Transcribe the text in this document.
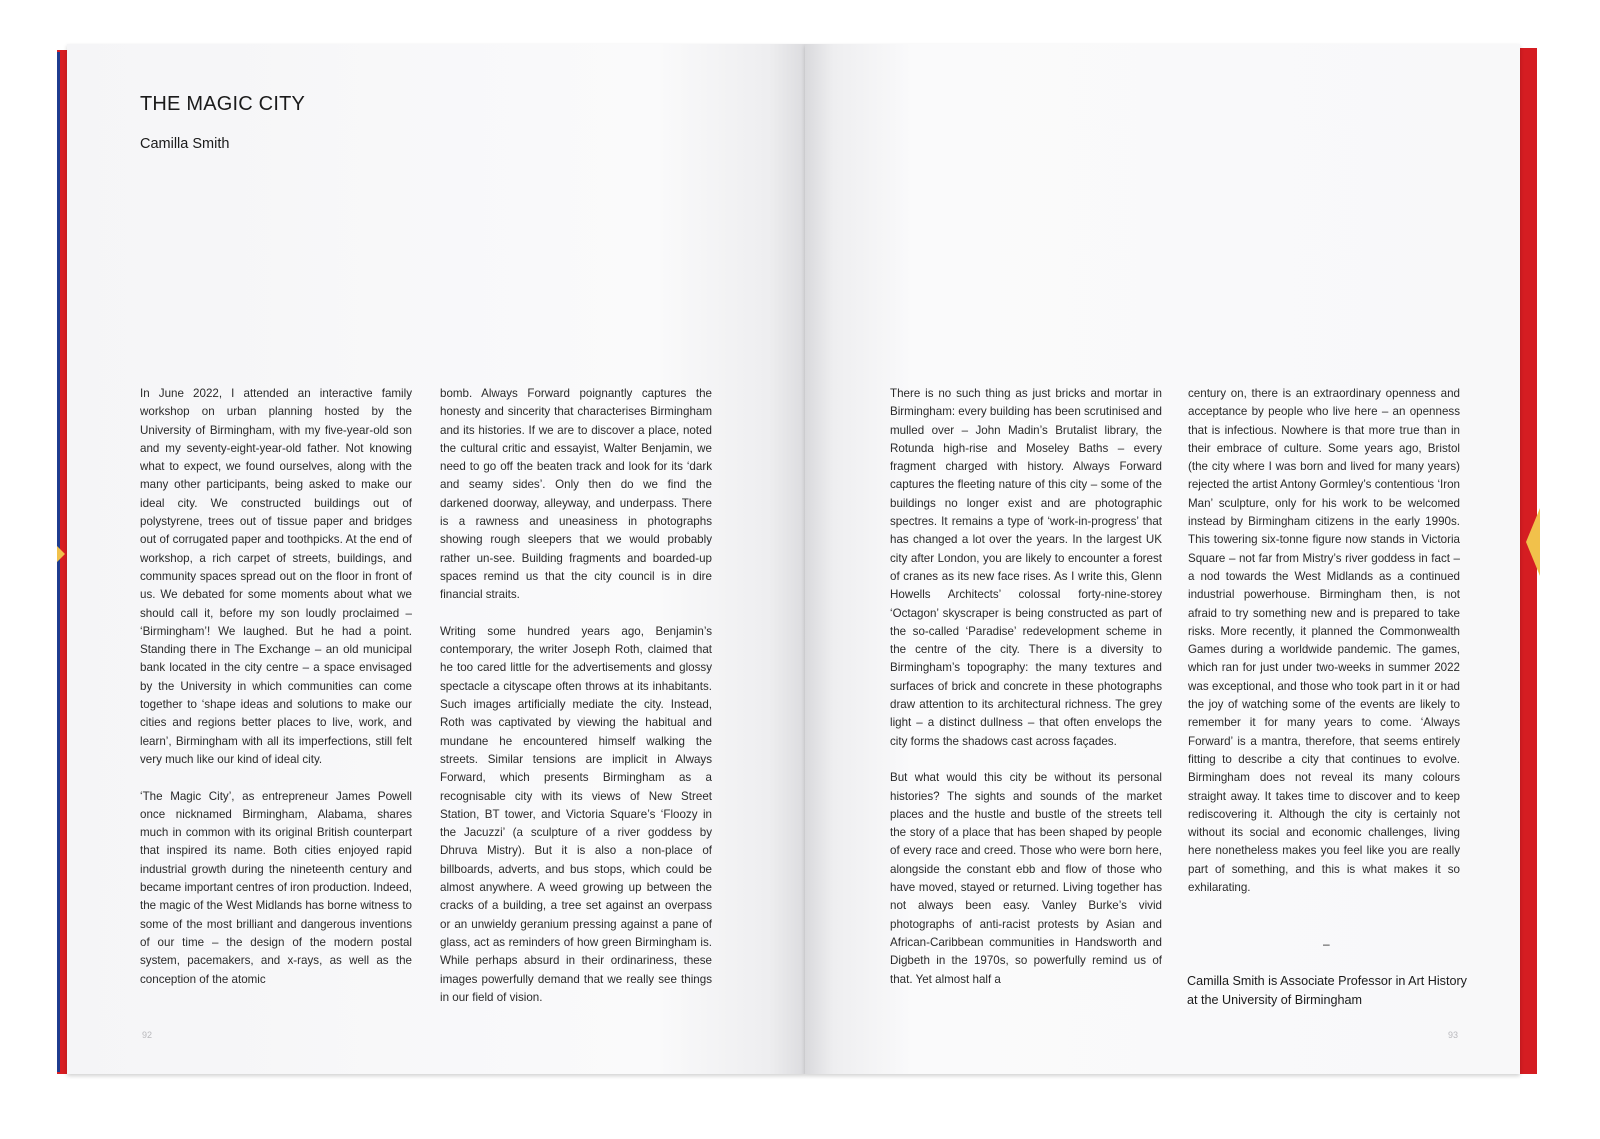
THE MAGIC CITY
Camilla Smith

In June 2022, I attended an interactive family workshop on urban planning hosted by the University of Birmingham, with my five-year-old son and my seventy-eight-year-old father. Not knowing what to expect, we found ourselves, along with the many other participants, being asked to make our ideal city. We constructed buildings out of polystyrene, trees out of tissue paper and bridges out of corrugated paper and toothpicks. At the end of workshop, a rich carpet of streets, buildings, and community spaces spread out on the floor in front of us. We debated for some moments about what we should call it, before my son loudly proclaimed – ‘Birmingham’! We laughed. But he had a point. Standing there in The Exchange – an old municipal bank located in the city centre – a space envisaged by the University in which communities can come together to ‘shape ideas and solutions to make our cities and regions better places to live, work, and learn’, Birmingham with all its imperfections, still felt very much like our kind of ideal city.

‘The Magic City’, as entrepreneur James Powell once nicknamed Birmingham, Alabama, shares much in common with its original British counterpart that inspired its name. Both cities enjoyed rapid industrial growth during the nineteenth century and became important centres of iron production. Indeed, the magic of the West Midlands has borne witness to some of the most brilliant and dangerous inventions of our time – the design of the modern postal system, pacemakers, and x-rays, as well as the conception of the atomic

bomb. Always Forward poignantly captures the honesty and sincerity that characterises Birmingham and its histories. If we are to discover a place, noted the cultural critic and essayist, Walter Benjamin, we need to go off the beaten track and look for its ‘dark and seamy sides’. Only then do we find the darkened doorway, alleyway, and underpass. There is a rawness and uneasiness in photographs showing rough sleepers that we would probably rather un-see. Building fragments and boarded-up spaces remind us that the city council is in dire financial straits.

Writing some hundred years ago, Benjamin’s contemporary, the writer Joseph Roth, claimed that he too cared little for the advertisements and glossy spectacle a cityscape often throws at its inhabitants. Such images artificially mediate the city. Instead, Roth was captivated by viewing the habitual and mundane he encountered himself walking the streets. Similar tensions are implicit in Always Forward, which presents Birmingham as a recognisable city with its views of New Street Station, BT tower, and Victoria Square’s ‘Floozy in the Jacuzzi’ (a sculpture of a river goddess by Dhruva Mistry). But it is also a non-place of billboards, adverts, and bus stops, which could be almost anywhere. A weed growing up between the cracks of a building, a tree set against an overpass or an unwieldy geranium pressing against a pane of glass, act as reminders of how green Birmingham is. While perhaps absurd in their ordinariness, these images powerfully demand that we really see things in our field of vision.

There is no such thing as just bricks and mortar in Birmingham: every building has been scrutinised and mulled over – John Madin’s Brutalist library, the Rotunda high-rise and Moseley Baths – every fragment charged with history. Always Forward captures the fleeting nature of this city – some of the buildings no longer exist and are photographic spectres. It remains a type of ‘work-in-progress’ that has changed a lot over the years. In the largest UK city after London, you are likely to encounter a forest of cranes as its new face rises. As I write this, Glenn Howells Architects’ colossal forty-nine-storey ‘Octagon’ skyscraper is being constructed as part of the so-called ‘Paradise’ redevelopment scheme in the centre of the city. There is a diversity to Birmingham’s topography: the many textures and surfaces of brick and concrete in these photographs draw attention to its architectural richness. The grey light – a distinct dullness – that often envelops the city forms the shadows cast across façades.

But what would this city be without its personal histories? The sights and sounds of the market places and the hustle and bustle of the streets tell the story of a place that has been shaped by people of every race and creed. Those who were born here, alongside the constant ebb and flow of those who have moved, stayed or returned. Living together has not always been easy. Vanley Burke’s vivid photographs of anti-racist protests by Asian and African-Caribbean communities in Handsworth and Digbeth in the 1970s, so powerfully remind us of that. Yet almost half a

century on, there is an extraordinary openness and acceptance by people who live here – an openness that is infectious. Nowhere is that more true than in their embrace of culture. Some years ago, Bristol (the city where I was born and lived for many years) rejected the artist Antony Gormley’s contentious ‘Iron Man’ sculpture, only for his work to be welcomed instead by Birmingham citizens in the early 1990s. This towering six-tonne figure now stands in Victoria Square – not far from Mistry’s river goddess in fact – a nod towards the West Midlands as a continued industrial powerhouse. Birmingham then, is not afraid to try something new and is prepared to take risks. More recently, it planned the Commonwealth Games during a worldwide pandemic. The games, which ran for just under two-weeks in summer 2022 was exceptional, and those who took part in it or had the joy of watching some of the events are likely to remember it for many years to come. ‘Always Forward’ is a mantra, therefore, that seems entirely fitting to describe a city that continues to evolve. Birmingham does not reveal its many colours straight away. It takes time to discover and to keep rediscovering it. Although the city is certainly not without its social and economic challenges, living here nonetheless makes you feel like you are really part of something, and this is what makes it so exhilarating.

–
Camilla Smith is Associate Professor in Art History at the University of Birmingham
92	93
